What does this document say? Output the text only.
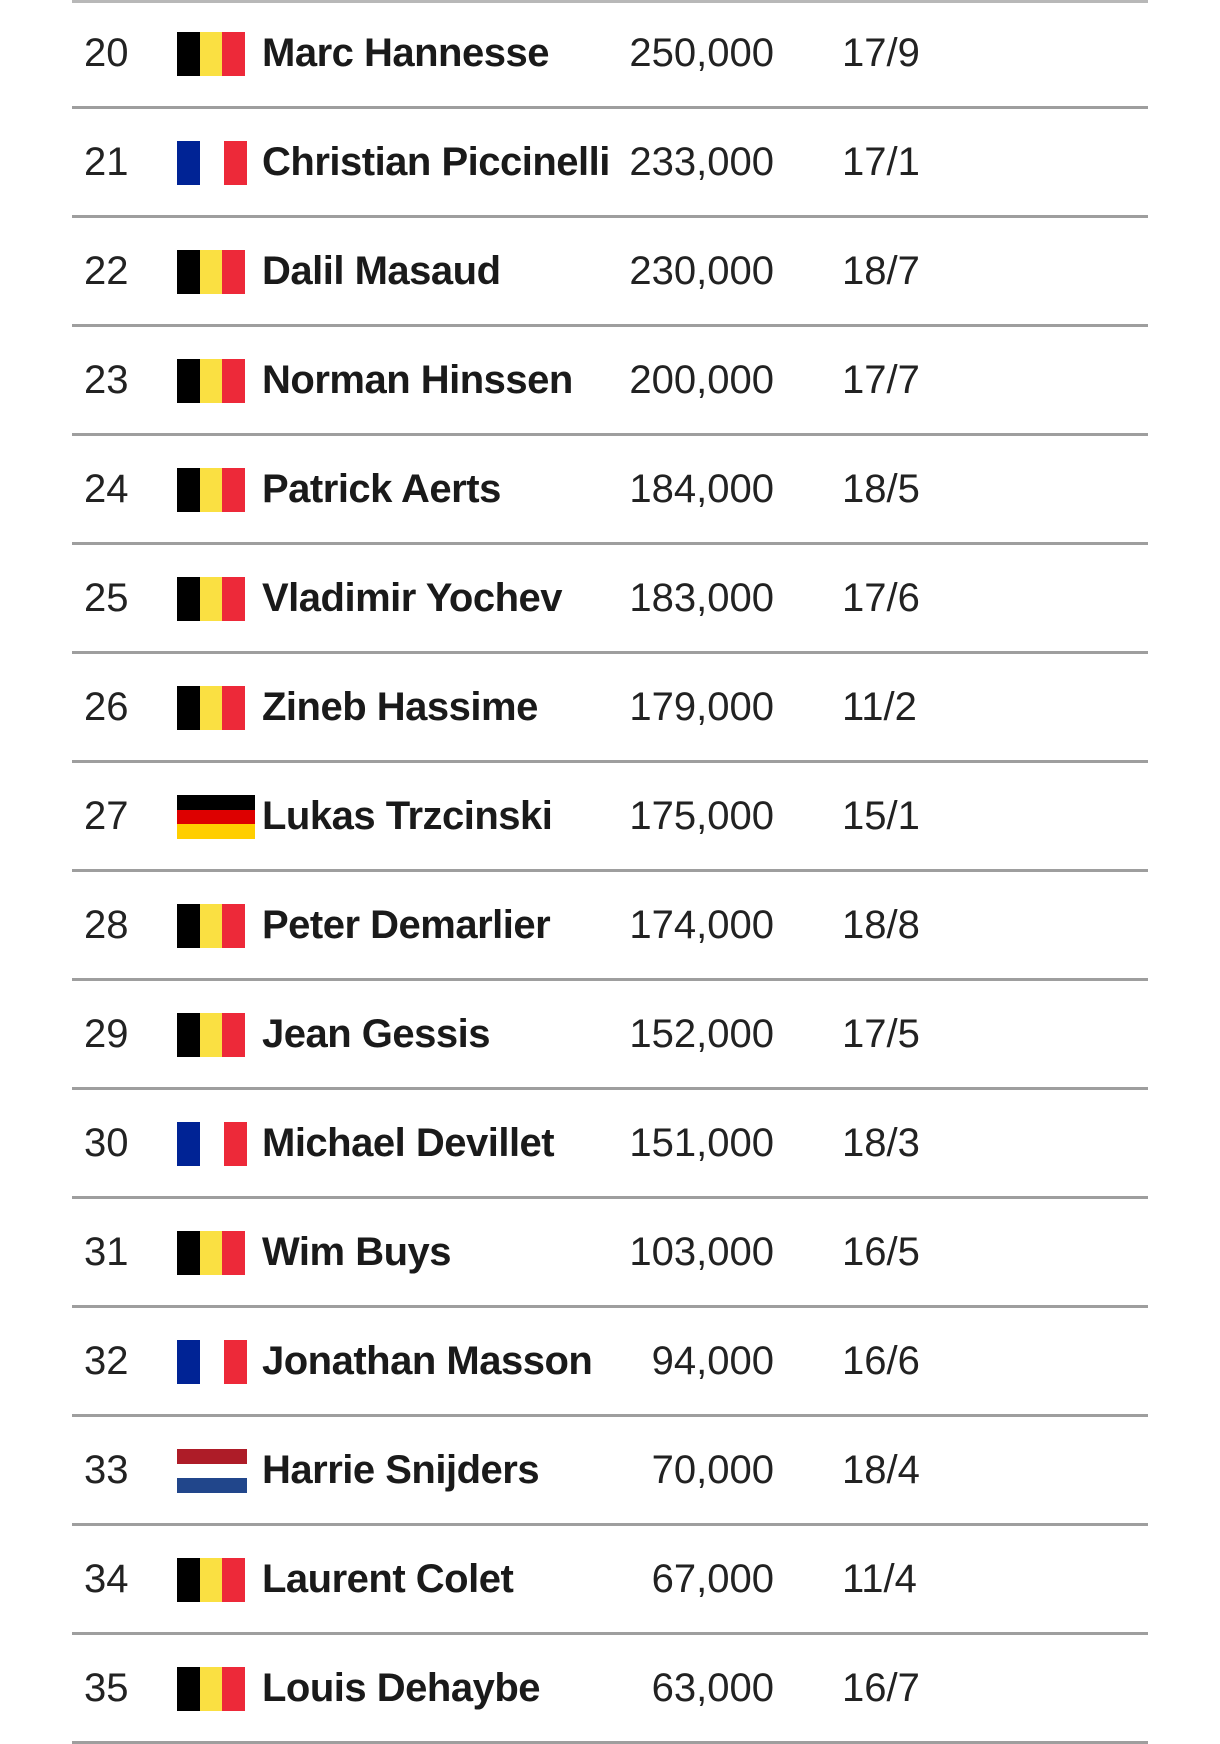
20	Marc Hannesse	250,000 17/9
21	Christian Piccinelli 233,000 17/1
22	Dalil Masaud	230,000 18/7
23	Norman Hinssen	200,000 17/7
24	Patrick Aerts	184,000 18/5
25	Vladimir Yochev	183,000 17/6
26	Zineb Hassime	179,000 11/2
27	Lukas Trzcinski	175,000 15/1
28	Peter Demarlier	174,000 18/8
29	Jean Gessis	152,000 17/5
30	Michael Devillet	151,000 18/3
31	Wim Buys	103,000 16/5
32	Jonathan Masson	94,000 16/6
33	Harrie Snijders	70,000 18/4
34	Laurent Colet	67,000 11/4
35	Louis Dehaybe	63,000 16/7
